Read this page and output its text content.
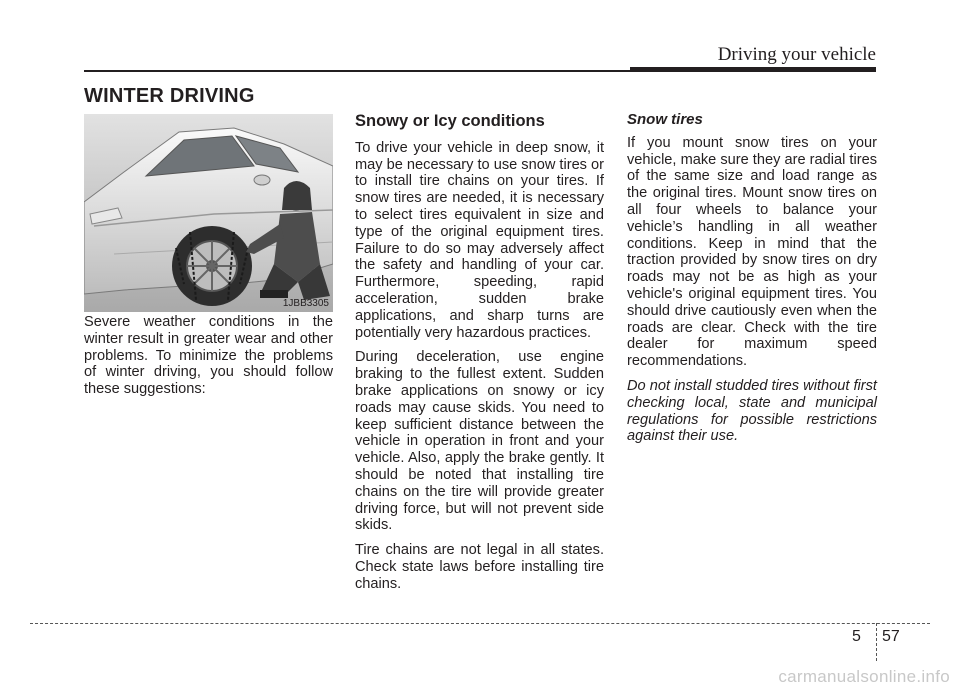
Driving your vehicle
WINTER DRIVING
1JBB3305

Severe weather conditions in the winter result in greater wear and other problems. To minimize the problems of winter driving, you should follow these suggestions:

Snowy or Icy conditions

To drive your vehicle in deep snow, it may be necessary to use snow tires or to install tire chains on your tires. If snow tires are needed, it is necessary to select tires equivalent in size and type of the original equipment tires. Failure to do so may adversely affect the safety and handling of your car. Furthermore, speeding, rapid acceleration, sudden brake applications, and sharp turns are potentially very hazardous practices.

During deceleration, use engine braking to the fullest extent. Sudden brake applications on snowy or icy roads may cause skids. You need to keep sufficient distance between the vehicle in operation in front and your vehicle. Also, apply the brake gently. It should be noted that installing tire chains on the tire will provide greater driving force, but will not prevent side skids.

Tire chains are not legal in all states. Check state laws before installing tire chains.

Snow tires

If you mount snow tires on your vehicle, make sure they are radial tires of the same size and load range as the original tires. Mount snow tires on all four wheels to balance your vehicle’s handling in all weather conditions. Keep in mind that the traction provided by snow tires on dry roads may not be as high as your vehicle's original equipment tires. You should drive cautiously even when the roads are clear. Check with the tire dealer for maximum speed recommendations.

Do not install studded tires without first checking local, state and municipal regulations for possible restrictions against their use.

5 57
carmanualsonline.info
